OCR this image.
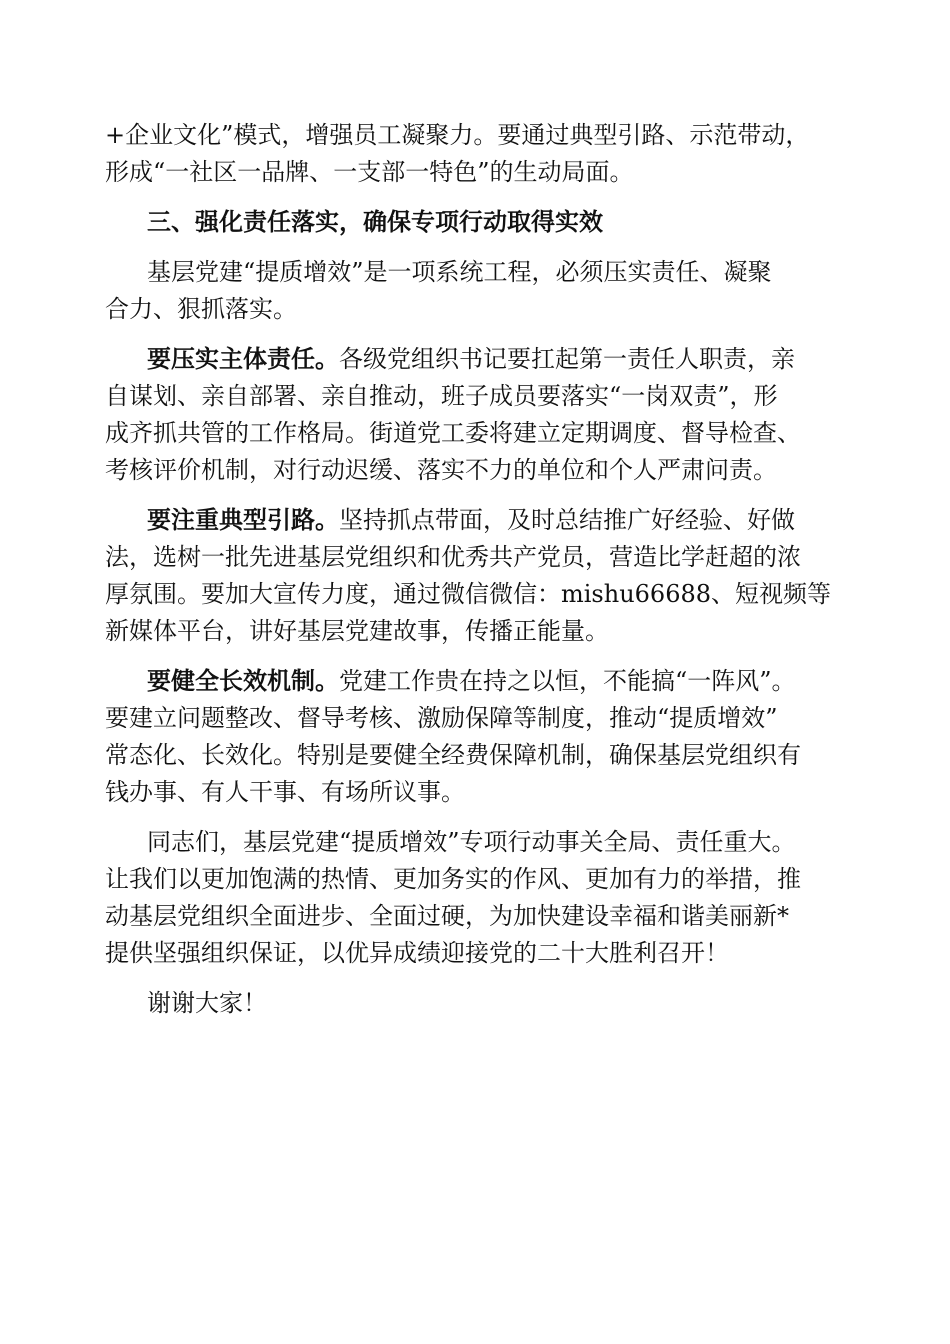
+企业文化”模式，增强员工凝聚力。要通过典型引路、示范带动，
形成“一社区一品牌、一支部一特色”的生动局面。
三、强化责任落实，确保专项行动取得实效
基层党建“提质增效”是一项系统工程，必须压实责任、凝聚
合力、狠抓落实。
要压实主体责任。各级党组织书记要扛起第一责任人职责，亲
自谋划、亲自部署、亲自推动，班子成员要落实“一岗双责”，形
成齐抓共管的工作格局。街道党工委将建立定期调度、督导检查、
考核评价机制，对行动迟缓、落实不力的单位和个人严肃问责。
要注重典型引路。坚持抓点带面，及时总结推广好经验、好做
法，选树一批先进基层党组织和优秀共产党员，营造比学赶超的浓
厚氛围。要加大宣传力度，通过微信微信：mishu66688、短视频等
新媒体平台，讲好基层党建故事，传播正能量。
要健全长效机制。党建工作贵在持之以恒，不能搞“一阵风”。
要建立问题整改、督导考核、激励保障等制度，推动“提质增效”
常态化、长效化。特别是要健全经费保障机制，确保基层党组织有
钱办事、有人干事、有场所议事。
同志们，基层党建“提质增效”专项行动事关全局、责任重大。
让我们以更加饱满的热情、更加务实的作风、更加有力的举措，推
动基层党组织全面进步、全面过硬，为加快建设幸福和谐美丽新*
提供坚强组织保证，以优异成绩迎接党的二十大胜利召开！
谢谢大家！
